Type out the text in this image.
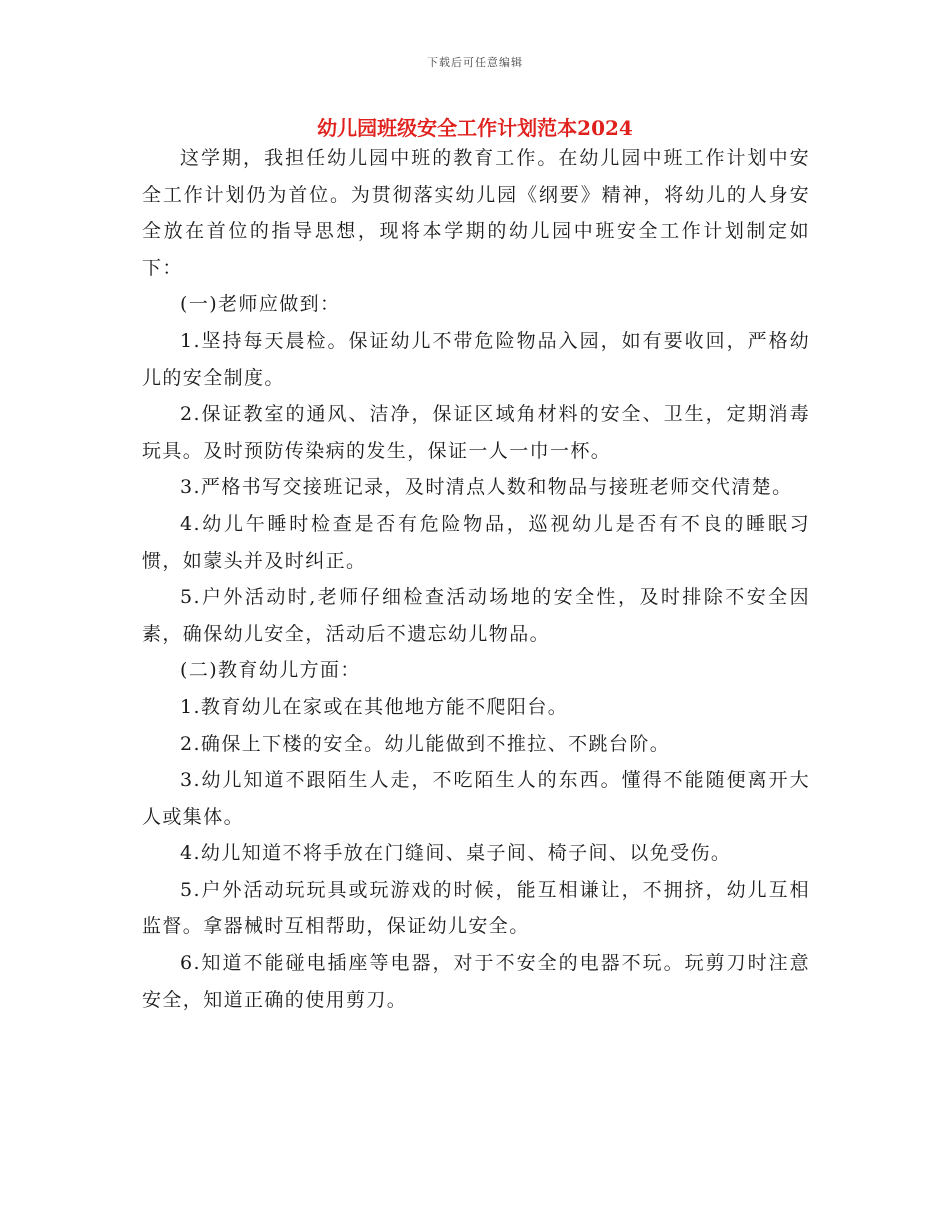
下载后可任意编辑
幼儿园班级安全工作计划范本2024

这学期，我担任幼儿园中班的教育工作。在幼儿园中班工作计划中安全工作计划仍为首位。为贯彻落实幼儿园《纲要》精神，将幼儿的人身安全放在首位的指导思想，现将本学期的幼儿园中班安全工作计划制定如下：

(一)老师应做到：

1.坚持每天晨检。保证幼儿不带危险物品入园，如有要收回，严格幼儿的安全制度。

2.保证教室的通风、洁净，保证区域角材料的安全、卫生，定期消毒玩具。及时预防传染病的发生，保证一人一巾一杯。

3.严格书写交接班记录，及时清点人数和物品与接班老师交代清楚。

4.幼儿午睡时检查是否有危险物品，巡视幼儿是否有不良的睡眠习惯，如蒙头并及时纠正。

5.户外活动时,老师仔细检查活动场地的安全性，及时排除不安全因素，确保幼儿安全，活动后不遗忘幼儿物品。

(二)教育幼儿方面：

1.教育幼儿在家或在其他地方能不爬阳台。

2.确保上下楼的安全。幼儿能做到不推拉、不跳台阶。

3.幼儿知道不跟陌生人走，不吃陌生人的东西。懂得不能随便离开大人或集体。

4.幼儿知道不将手放在门缝间、桌子间、椅子间、以免受伤。

5.户外活动玩玩具或玩游戏的时候，能互相谦让，不拥挤，幼儿互相监督。拿器械时互相帮助，保证幼儿安全。

6.知道不能碰电插座等电器，对于不安全的电器不玩。玩剪刀时注意安全，知道正确的使用剪刀。
